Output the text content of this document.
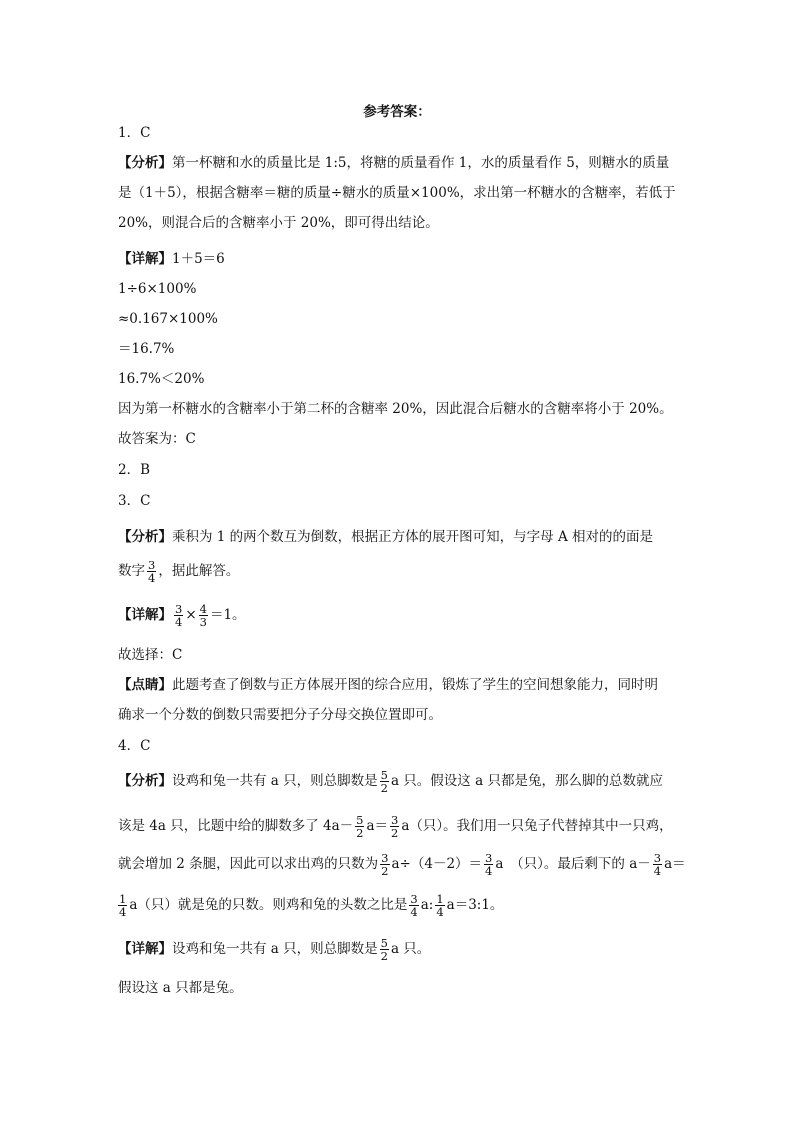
参考答案：
1．C
【分析】第一杯糖和水的质量比是 1:5，将糖的质量看作 1，水的质量看作 5，则糖水的质量
是（1＋5），根据含糖率＝糖的质量÷糖水的质量×100%，求出第一杯糖水的含糖率，若低于
20%，则混合后的含糖率小于 20%，即可得出结论。
【详解】1＋5＝6
1÷6×100%
≈0.167×100%
＝16.7%
16.7%＜20%
因为第一杯糖水的含糖率小于第二杯的含糖率 20%，因此混合后糖水的含糖率将小于 20%。
故答案为：C
2．B
3．C
【分析】乘积为 1 的两个数互为倒数，根据正方体的展开图可知，与字母 A 相对的的面是
数字 $\frac{3}{4}$ ，据此解答。
【详解】 $\frac{3}{4} \times \frac{4}{3} =1$。
故选择：C
【点睛】此题考查了倒数与正方体展开图的综合应用，锻炼了学生的空间想象能力，同时明
确求一个分数的倒数只需要把分子分母交换位置即可。
4．C
【分析】设鸡和兔一共有 a 只，则总脚数是 $\frac{5}{2}$ a 只。假设这 a 只都是兔，那么脚的总数就应
该是 4a 只，比题中给的脚数多了 $4a- \frac{5}{2} a= \frac{3}{2} a$（只）。我们用一只兔子代替掉其中一只鸡，
就会增加 2 条腿，因此可以求出鸡的只数为 $\frac{3}{2} a\div(4-2)= \frac{3}{4}$ a　（只）。最后剩下的 $a- \frac{3}{4} a=$
$\frac{1}{4} a$（只）就是兔的只数。则鸡和兔的头数之比是 $\frac{3}{4} a$: $\frac{1}{4}$ a＝3:1。
【详解】设鸡和兔一共有 a 只，则总脚数是 $\frac{5}{2}$ a 只。
假设这 a 只都是兔。
